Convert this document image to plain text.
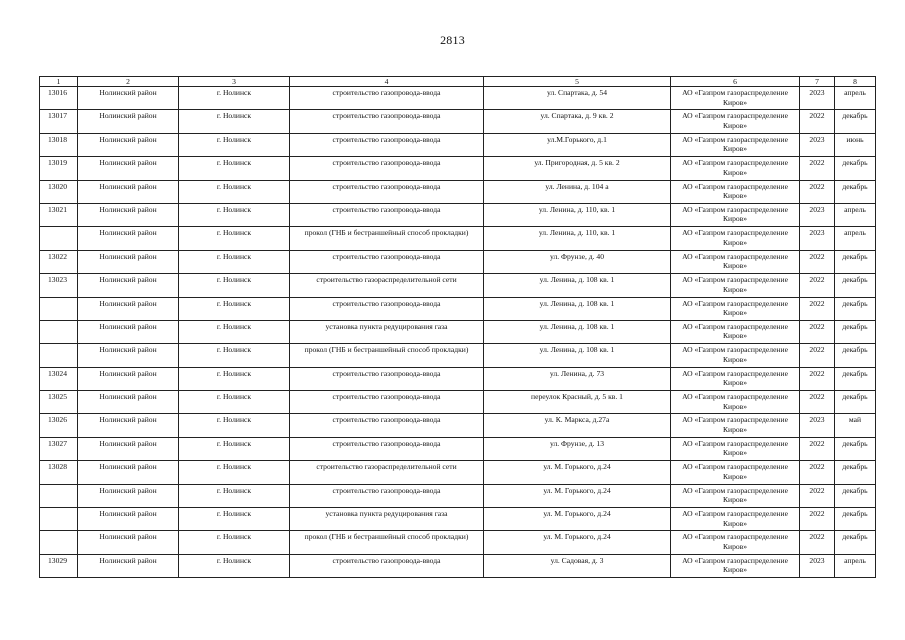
2813
1	2	3	4	5	6	7	8
13016	Нолинский район	г. Нолинск	строительство газопровода-ввода	ул. Спартака, д. 54	АО «Газпром газораспределение Киров»	2023	апрель
13017	Нолинский район	г. Нолинск	строительство газопровода-ввода	ул. Спартака, д. 9 кв. 2	АО «Газпром газораспределение Киров»	2022	декабрь
13018	Нолинский район	г. Нолинск	строительство газопровода-ввода	ул.М.Горького, д.1	АО «Газпром газораспределение Киров»	2023	июнь
13019	Нолинский район	г. Нолинск	строительство газопровода-ввода	ул. Пригородная, д. 5 кв. 2	АО «Газпром газораспределение Киров»	2022	декабрь
13020	Нолинский район	г. Нолинск	строительство газопровода-ввода	ул. Ленина, д. 104 а	АО «Газпром газораспределение Киров»	2022	декабрь
13021	Нолинский район	г. Нолинск	строительство газопровода-ввода	ул. Ленина, д. 110, кв. 1	АО «Газпром газораспределение Киров»	2023	апрель
	Нолинский район	г. Нолинск	прокол (ГНБ и бестраншейный способ прокладки)	ул. Ленина, д. 110, кв. 1	АО «Газпром газораспределение Киров»	2023	апрель
13022	Нолинский район	г. Нолинск	строительство газопровода-ввода	ул. Фрунзе, д. 40	АО «Газпром газораспределение Киров»	2022	декабрь
13023	Нолинский район	г. Нолинск	строительство газораспределительной сети	ул. Ленина, д. 108 кв. 1	АО «Газпром газораспределение Киров»	2022	декабрь
	Нолинский район	г. Нолинск	строительство газопровода-ввода	ул. Ленина, д. 108 кв. 1	АО «Газпром газораспределение Киров»	2022	декабрь
	Нолинский район	г. Нолинск	установка пункта редуцирования газа	ул. Ленина, д. 108 кв. 1	АО «Газпром газораспределение Киров»	2022	декабрь
	Нолинский район	г. Нолинск	прокол (ГНБ и бестраншейный способ прокладки)	ул. Ленина, д. 108 кв. 1	АО «Газпром газораспределение Киров»	2022	декабрь
13024	Нолинский район	г. Нолинск	строительство газопровода-ввода	ул. Ленина, д. 73	АО «Газпром газораспределение Киров»	2022	декабрь
13025	Нолинский район	г. Нолинск	строительство газопровода-ввода	переулок Красный, д. 5 кв. 1	АО «Газпром газораспределение Киров»	2022	декабрь
13026	Нолинский район	г. Нолинск	строительство газопровода-ввода	ул. К. Маркса, д.27а	АО «Газпром газораспределение Киров»	2023	май
13027	Нолинский район	г. Нолинск	строительство газопровода-ввода	ул. Фрунзе, д. 13	АО «Газпром газораспределение Киров»	2022	декабрь
13028	Нолинский район	г. Нолинск	строительство газораспределительной сети	ул. М. Горького, д.24	АО «Газпром газораспределение Киров»	2022	декабрь
	Нолинский район	г. Нолинск	строительство газопровода-ввода	ул. М. Горького, д.24	АО «Газпром газораспределение Киров»	2022	декабрь
	Нолинский район	г. Нолинск	установка пункта редуцирования газа	ул. М. Горького, д.24	АО «Газпром газораспределение Киров»	2022	декабрь
	Нолинский район	г. Нолинск	прокол (ГНБ и бестраншейный способ прокладки)	ул. М. Горького, д.24	АО «Газпром газораспределение Киров»	2022	декабрь
13029	Нолинский район	г. Нолинск	строительство газопровода-ввода	ул. Садовая, д. 3	АО «Газпром газораспределение Киров»	2023	апрель
